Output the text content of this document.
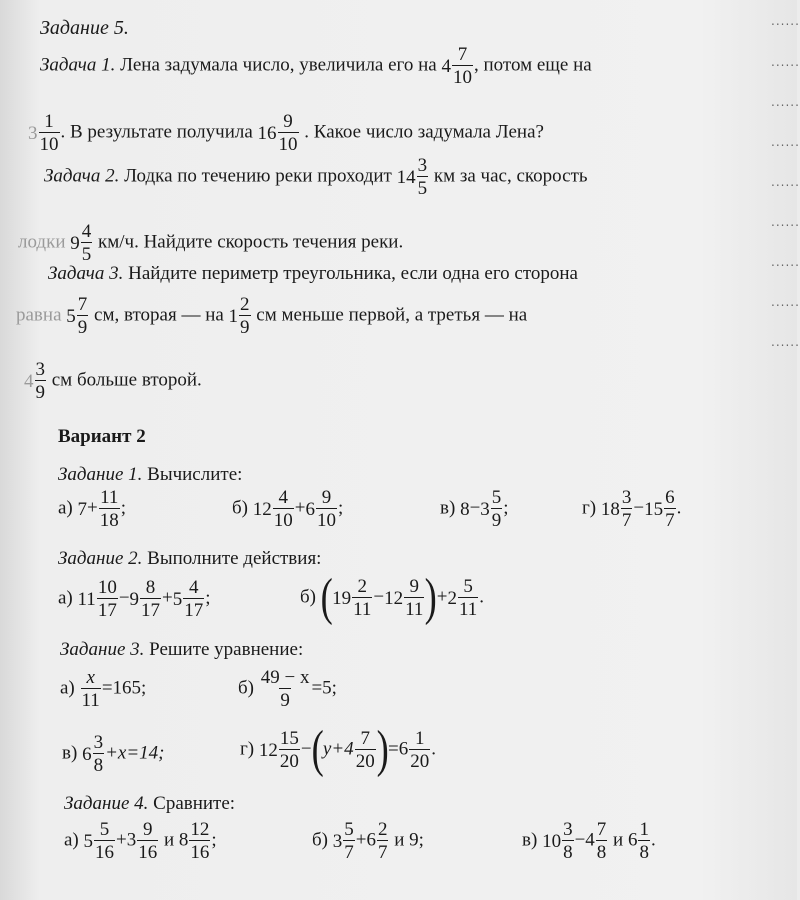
......
......
......
......
......
......
......
......
......
Задание 5.
Задача 1. Лена задумала число, увеличила его на $4 \frac{7}{10}$ , потом еще на
$3 \frac{1}{10}$ . В результате получила $16 \frac{9}{10}$ . Какое число задумала Лена?
Задача 2. Лодка по течению реки проходит $14 \frac{3}{5}$ км за час, скорость
лодки $9 \frac{4}{5} км/ч$. Найдите скорость течения реки.
Задача 3. Найдите периметр треугольника, если одна его сторона
равна $5 \frac{7}{9}$ см, вторая — на $1 \frac{2}{9}$ см меньше первой, а третья — на
$4 \frac{3}{9}$ см больше второй.
Вариант 2
Задание 1. Вычислите:
а) $7+ \frac{11}{18}$ ;	б) $12 \frac{4}{10} +6 \frac{9}{10}$ ;	в) $8-3 \frac{5}{9}$ ;	г) $18 \frac{3}{7} -15 \frac{6}{7}$ .
Задание 2. Выполните действия:
а) $11 \frac{10}{17} -9 \frac{8}{17} +5 \frac{4}{17}$ ;	б) $(19 \frac{2}{11} -12 \frac{9}{11} )+2 \frac{5}{11}$ .
Задание 3. Решите уравнение:
$а) \frac{x}{11} =165$;	$б) \frac{49 - x}{9} =5$;
в) $6 \frac{3}{8} +x=14$;	г) $12 \frac{15}{20} -(y+4 \frac{7}{20} )=6 \frac{1}{20}$ .
Задание 4. Сравните:
а) $5 \frac{5}{16} +3 \frac{9}{16}$ и $8 \frac{12}{16}$ ;	б) $3 \frac{5}{7} +6 \frac{2}{7}$ и 9;	в) $10 \frac{3}{8} -4 \frac{7}{8}$ и $6 \frac{1}{8}$ .
